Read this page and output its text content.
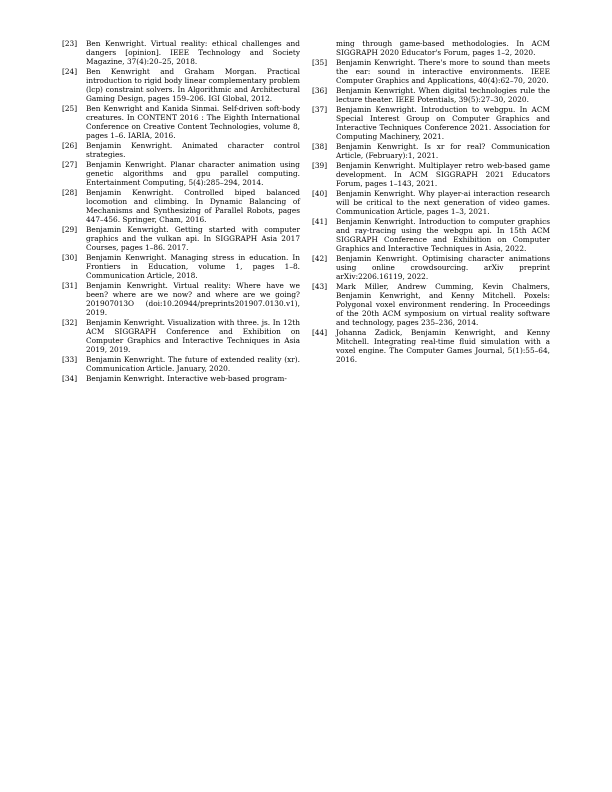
[23] Ben Kenwright. Virtual reality: ethical challenges and dangers [opinion]. IEEE Technology and Society Magazine, 37(4):20–25, 2018.
[24] Ben Kenwright and Graham Morgan. Practical introduction to rigid body linear complementary problem (lcp) constraint solvers. In Algorithmic and Architectural Gaming Design, pages 159–206. IGI Global, 2012.
[25] Ben Kenwright and Kanida Sinmai. Self-driven soft-body creatures. In CONTENT 2016 : The Eighth International Conference on Creative Content Technologies, volume 8, pages 1–6. IARIA, 2016.
[26] Benjamin Kenwright. Animated character control strategies.
[27] Benjamin Kenwright. Planar character animation using genetic algorithms and gpu parallel computing. Entertainment Computing, 5(4):285–294, 2014.
[28] Benjamin Kenwright. Controlled biped balanced locomotion and climbing. In Dynamic Balancing of Mechanisms and Synthesizing of Parallel Robots, pages 447–456. Springer, Cham, 2016.
[29] Benjamin Kenwright. Getting started with computer graphics and the vulkan api. In SIGGRAPH Asia 2017 Courses, pages 1–86. 2017.
[30] Benjamin Kenwright. Managing stress in education. In Frontiers in Education, volume 1, pages 1–8. Communication Article, 2018.
[31] Benjamin Kenwright. Virtual reality: Where have we been? where are we now? and where are we going? 201907013O (doi:10.20944/preprints201907.0130.v1), 2019.
[32] Benjamin Kenwright. Visualization with three. js. In 12th ACM SIGGRAPH Conference and Exhibition on Computer Graphics and Interactive Techniques in Asia 2019, 2019.
[33] Benjamin Kenwright. The future of extended reality (xr). Communication Article. January, 2020.
[34] Benjamin Kenwright. Interactive web-based program-
ming through game-based methodologies. In ACM SIGGRAPH 2020 Educator's Forum, pages 1–2, 2020.
[35] Benjamin Kenwright. There's more to sound than meets the ear: sound in interactive environments. IEEE Computer Graphics and Applications, 40(4):62–70, 2020.
[36] Benjamin Kenwright. When digital technologies rule the lecture theater. IEEE Potentials, 39(5):27–30, 2020.
[37] Benjamin Kenwright. Introduction to webgpu. In ACM Special Interest Group on Computer Graphics and Interactive Techniques Conference 2021. Association for Computing Machinery, 2021.
[38] Benjamin Kenwright. Is xr for real? Communication Article, (February):1, 2021.
[39] Benjamin Kenwright. Multiplayer retro web-based game development. In ACM SIGGRAPH 2021 Educators Forum, pages 1–143, 2021.
[40] Benjamin Kenwright. Why player-ai interaction research will be critical to the next generation of video games. Communication Article, pages 1–3, 2021.
[41] Benjamin Kenwright. Introduction to computer graphics and ray-tracing using the webgpu api. In 15th ACM SIGGRAPH Conference and Exhibition on Computer Graphics and Interactive Techniques in Asia, 2022.
[42] Benjamin Kenwright. Optimising character animations using online crowdsourcing. arXiv preprint arXiv:2206.16119, 2022.
[43] Mark Miller, Andrew Cumming, Kevin Chalmers, Benjamin Kenwright, and Kenny Mitchell. Poxels: Polygonal voxel environment rendering. In Proceedings of the 20th ACM symposium on virtual reality software and technology, pages 235–236, 2014.
[44] Johanna Zadick, Benjamin Kenwright, and Kenny Mitchell. Integrating real-time fluid simulation with a voxel engine. The Computer Games Journal, 5(1):55–64, 2016.
